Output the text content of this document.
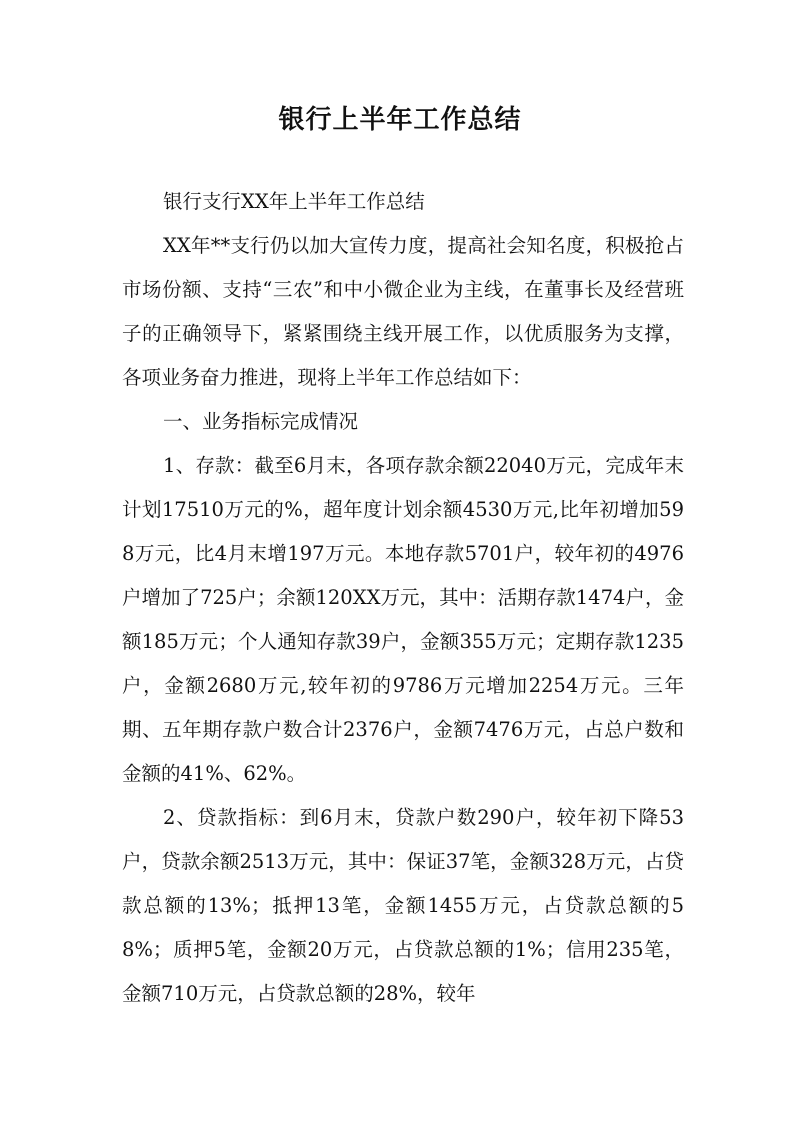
银行上半年工作总结

银行支行XX年上半年工作总结

XX年**支行仍以加大宣传力度，提高社会知名度，积极抢占市场份额、支持“三农”和中小微企业为主线，在董事长及经营班子的正确领导下，紧紧围绕主线开展工作，以优质服务为支撑，各项业务奋力推进，现将上半年工作总结如下：

一、业务指标完成情况

1、存款：截至6月末，各项存款余额22040万元，完成年末计划17510万元的%，超年度计划余额4530万元,比年初增加598万元，比4月末增197万元。本地存款5701户，较年初的4976户增加了725户；余额120XX万元，其中：活期存款1474户，金额185万元；个人通知存款39户，金额355万元；定期存款1235户，金额2680万元,较年初的9786万元增加2254万元。三年期、五年期存款户数合计2376户，金额7476万元，占总户数和金额的41%、62%。

2、贷款指标：到6月末，贷款户数290户，较年初下降53户，贷款余额2513万元，其中：保证37笔，金额328万元，占贷款总额的13%；抵押13笔，金额1455万元，占贷款总额的58%；质押5笔，金额20万元，占贷款总额的1%；信用235笔，金额710万元，占贷款总额的28%，较年
